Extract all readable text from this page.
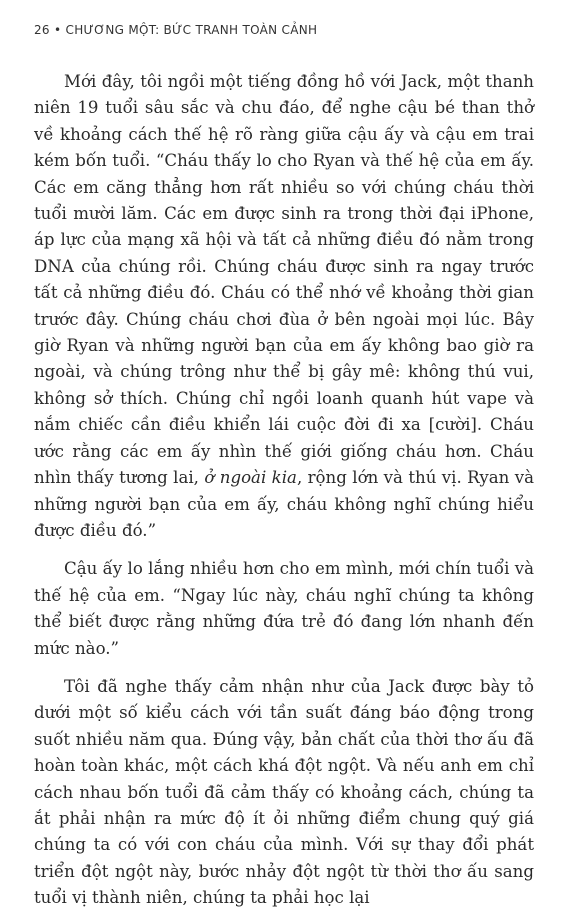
26 • CHƯƠNG MỘT: BỨC TRANH TOÀN CẢNH

Mới đây, tôi ngồi một tiếng đồng hồ với Jack, một thanh niên 19 tuổi sâu sắc và chu đáo, để nghe cậu bé than thở về khoảng cách thế hệ rõ ràng giữa cậu ấy và cậu em trai kém bốn tuổi. “Cháu thấy lo cho Ryan và thế hệ của em ấy. Các em căng thẳng hơn rất nhiều so với chúng cháu thời tuổi mười lăm. Các em được sinh ra trong thời đại iPhone, áp lực của mạng xã hội và tất cả những điều đó nằm trong DNA của chúng rồi. Chúng cháu được sinh ra ngay trước tất cả những điều đó. Cháu có thể nhớ về khoảng thời gian trước đây. Chúng cháu chơi đùa ở bên ngoài mọi lúc. Bây giờ Ryan và những người bạn của em ấy không bao giờ ra ngoài, và chúng trông như thể bị gây mê: không thú vui, không sở thích. Chúng chỉ ngồi loanh quanh hút vape và nắm chiếc cần điều khiển lái cuộc đời đi xa [cười]. Cháu ước rằng các em ấy nhìn thế giới giống cháu hơn. Cháu nhìn thấy tương lai, ở ngoài kia, rộng lớn và thú vị. Ryan và những người bạn của em ấy, cháu không nghĩ chúng hiểu được điều đó.”

Cậu ấy lo lắng nhiều hơn cho em mình, mới chín tuổi và thế hệ của em. “Ngay lúc này, cháu nghĩ chúng ta không thể biết được rằng những đứa trẻ đó đang lớn nhanh đến mức nào.”

Tôi đã nghe thấy cảm nhận như của Jack được bày tỏ dưới một số kiểu cách với tần suất đáng báo động trong suốt nhiều năm qua. Đúng vậy, bản chất của thời thơ ấu đã hoàn toàn khác, một cách khá đột ngột. Và nếu anh em chỉ cách nhau bốn tuổi đã cảm thấy có khoảng cách, chúng ta ắt phải nhận ra mức độ ít ỏi những điểm chung quý giá chúng ta có với con cháu của mình. Với sự thay đổi phát triển đột ngột này, bước nhảy đột ngột từ thời thơ ấu sang tuổi vị thành niên, chúng ta phải học lại
